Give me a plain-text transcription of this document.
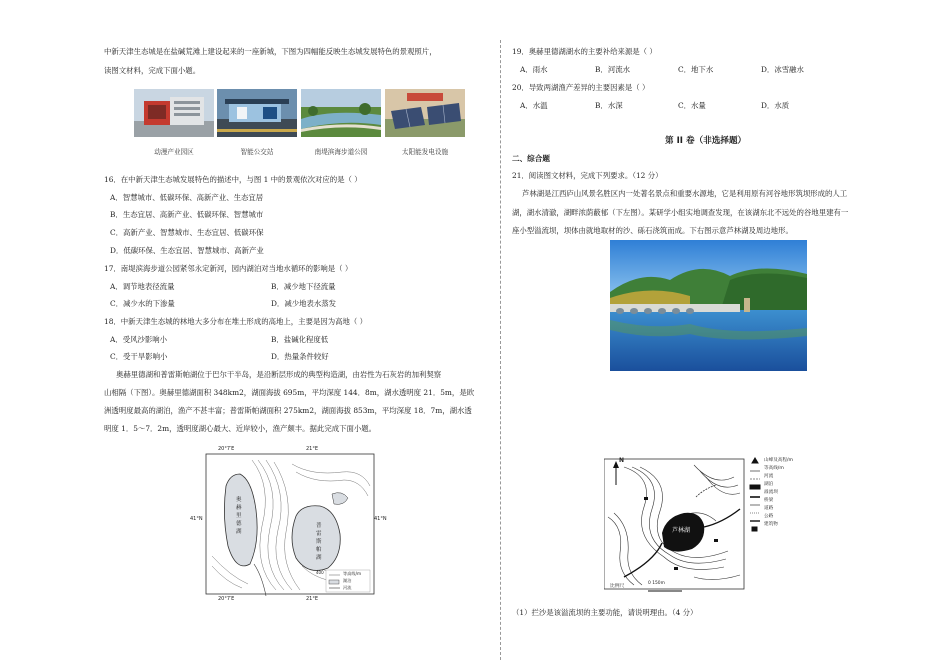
中新天津生态城是在盐碱荒滩上建设起来的一座新城，下图为四幅能反映生态城发展特色的景观照片，
读图文材料，完成下面小题。
动漫产业园区	智能公交站	南堤滨海步道公园	太阳能发电设施
16．在中新天津生态城发展特色的描述中，与图 1 中的景观依次对应的是（ ）
A．智慧城市、低碳环保、高新产业、生态宜居
B．生态宜居、高新产业、低碳环保、智慧城市
C．高新产业、智慧城市、生态宜居、低碳环保
D．低碳环保、生态宜居、智慧城市、高新产业
17．南堤滨海步道公园紧邻永定新河，园内湖泊对当地水循环的影响是（ ）
A．调节地表径流量	B．减少地下径流量
C．减少水的下渗量	D．减少地表水蒸发
18．中新天津生态城的林地大多分布在堆土形成的高地上，主要是因为高地（ ）
A．受风沙影响小	B．盐碱化程度低
C．受干旱影响小	D．热量条件较好
奥赫里德湖和普雷斯帕湖位于巴尔干半岛，是沿断层形成的典型构造湖，由岩性为石灰岩的加利契察
山相隔（下图）。奥赫里德湖面积 348km2，湖面海拔 695m，平均深度 144．8m，湖水透明度 21．5m，是欧
洲透明度最高的湖泊，渔产不甚丰富；普雷斯帕湖面积 275km2，湖面海拔 853m，平均深度 18．7m，湖水透
明度 1．5～7．2m，透明度湖心最大、近岸较小，渔产颇丰。据此完成下面小题。
20°7′E	21°E
20°7′E	21°E
41°N	41°N
奥赫里德湖
普雷斯帕湖
等高线/m
湖泊
河流
400
19．奥赫里德湖湖水的主要补给来源是（ ）
A．雨水	B．河流水	C．地下水	D．冰雪融水
20．导致两湖渔产差异的主要因素是（ ）
A．水温	B．水深	C．水量	D．水质
第 II 卷（非选择题）
二、综合题
21．阅读图文材料，完成下列要求。（12 分）
芦林湖是江西庐山风景名胜区内一处著名景点和重要水源地，它是利用原有河谷地形筑坝形成的人工
湖，湖水清澈，湖畔浓荫蔽郁（下左图）。某研学小组实地调查发现，在该湖东北不远处的谷地里建有一
座小型溢流坝，坝体由就地取材的沙、砾石浇筑而成。下右图示意芦林湖及周边地形。
N
芦林湖
比例尺
0 150m
山峰及高程/m
等高线/m
河流
湖泊
溢流坝
桥梁
道路
公路
建筑物
（1）拦沙是该溢流坝的主要功能，请说明理由。（4 分）
